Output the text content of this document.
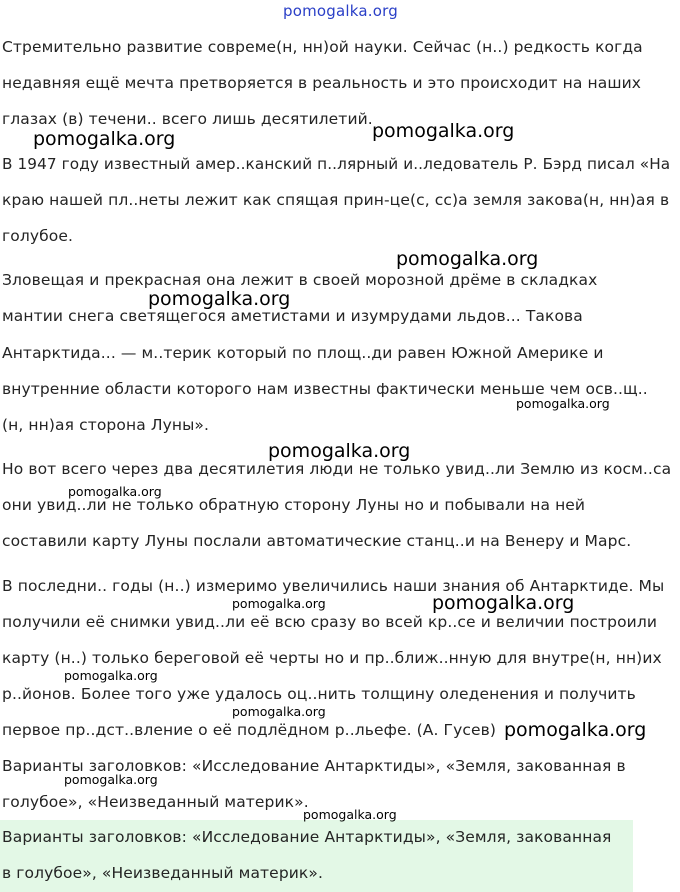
pomogalka.org
Стремительно развитие совреме(н, нн)ой науки. Сейчас (н..) редкость когда
недавняя ещё мечта претворяется в реальность и это происходит на наших
глазах (в) течени.. всего лишь десятилетий.
В 1947 году известный амер..канский п..лярный и..ледователь Р. Бэрд писал «На
краю нашей пл..неты лежит как спящая прин-це(с, сс)а земля закова(н, нн)ая в
голубое.
Зловещая и прекрасная она лежит в своей морозной дрёме в складках
мантии снега светящегося аметистами и изумрудами льдов... Такова
Антарктида... — м..терик который по площ..ди равен Южной Америке и
внутренние области которого нам известны фактически меньше чем осв..щ..
(н, нн)ая сторона Луны».
Но вот всего через два десятилетия люди не только увид..ли Землю из косм..са
они увид..ли не только обратную сторону Луны но и побывали на ней
составили карту Луны послали автоматические станц..и на Венеру и Марс.
В последни.. годы (н..) измеримо увеличились наши знания об Антарктиде. Мы
получили её снимки увид..ли её всю сразу во всей кр..се и величии построили
карту (н..) только береговой её черты но и пр..ближ..нную для внутре(н, нн)их
р..йонов. Более того уже удалось оц..нить толщину оледенения и получить
первое пр..дст..вление о её подлёдном р..льефе. (А. Гусев)
Варианты заголовков: «Исследование Антарктиды», «Земля, закованная в
голубое», «Неизведанный материк».
Варианты заголовков: «Исследование Антарктиды», «Земля, закованная
в голубое», «Неизведанный материк».
pomogalka.org	pomogalka.org
pomogalka.org
pomogalka.org
pomogalka.org
pomogalka.org
pomogalka.org
pomogalka.org	pomogalka.org
pomogalka.org
pomogalka.org
pomogalka.org
pomogalka.org
pomogalka.org
